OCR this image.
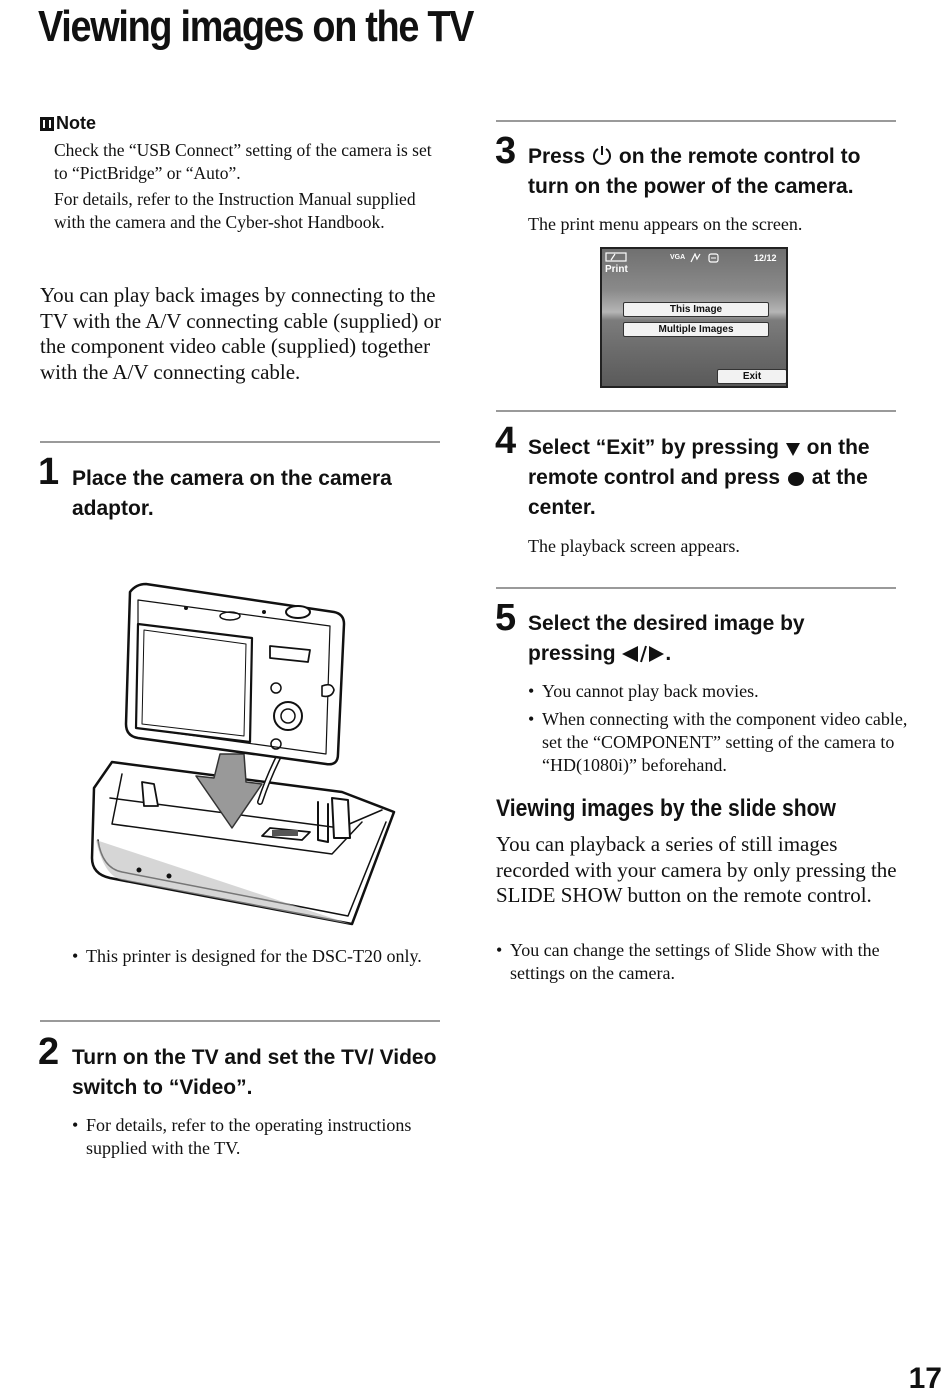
Viewing images on the TV
Note
Check the “USB Connect” setting of the camera is set to “PictBridge” or “Auto”.
For details, refer to the Instruction Manual supplied with the camera and the Cyber-shot Handbook.
You can play back images by connecting to the TV with the A/V connecting cable (supplied) or the component video cable (supplied) together with the A/V connecting cable.
1 Place the camera on the camera adaptor.
• This printer is designed for the DSC-T20 only.
2 Turn on the TV and set the TV/ Video switch to “Video”.
• For details, refer to the operating instructions supplied with the TV.
3 Press on the remote control to turn on the power of the camera.
The print menu appears on the screen.
Print
VGA	12/12
This Image
Multiple Images
Exit
4 Select “Exit” by pressing on the remote control and press at the center.
The playback screen appears.
5 Select the desired image by pressing .
• You cannot play back movies.
• When connecting with the component video cable, set the “COMPONENT” setting of the camera to “HD(1080i)” beforehand.
Viewing images by the slide show
You can playback a series of still images recorded with your camera by only pressing the SLIDE SHOW button on the remote control.
• You can change the settings of Slide Show with the settings on the camera.
17
